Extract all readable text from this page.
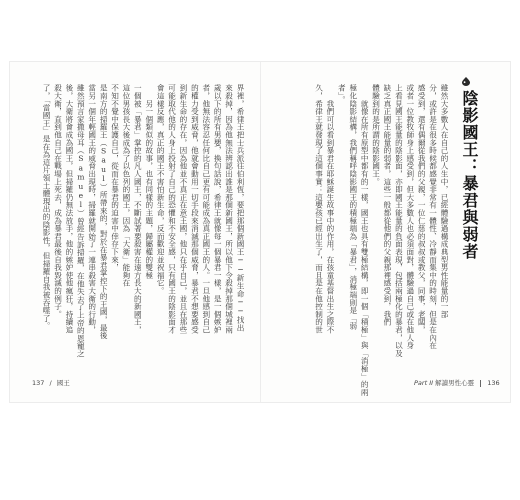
陰影國王：暴君與弱者
雖然大多數人在自己的人生中，已經體驗過構成典型男性能量的一部
分，或許是在很多時候都感覺非常有一體性、冷靜而集中的時刻，但是在內在
感受到，還有偶爾從我們的父親，一位仁慈的叔叔或教父，同事，老闆，
或者一位教牧師身上感受到，但大多數人也必須面對，體驗過自己或在他人身
上看見國王能量的陰影面，亦即國王能量的負面表現，包括兩極化的暴君，以及
缺乏真正國王能量的弱者，這些一般都從他們的父親那裡感受到，我們
體驗到的是所謂的陰影國王。
　　就像在所有原型中都有的一樣，國王也具有雙極結構，即一個「積極」與「消極」的兩
極化陰影結構，我們稱呼陰影國王的積極端為「暴君」，消極端則是「弱
者」。
　　我們可以看到暴君在耶穌誕生故事中的作用，在孩童基督出生之際不
久，希律王就發現了這個事實：這嬰孩已經出生了，而且是在他控制的世
Part II 解讀男性心靈 136
界裡，希律王把士兵派往伯利恆，要把那個新國王──新生命──找出
來殺掉，因為他無法辨認出誰是那個新國王，所以他下令殺掉那個城裡兩
歲以下的所有男嬰，換句話說，希律王就像每一個暴君一樣，是一個嫉妒
者，他無法容忍任何比自己更有可能成為真正國王的人。一旦他感到自己
的權力受到威脅，他就會動用一切手段來消滅那個威脅，暴君不想要感受
到新生命的存在，因為他並不真正在意王國，他只在乎自己，並且在那些
可能取代他的人身上投射了自己的恐懼和不安全感，只有國王的陰影面才
會這樣反應，真正的國王不害怕新生命，反而歡迎並祝福它。
　　另一個類似的故事，也有同樣的主題，歸屬權的雙極
一個被「暴君」掌控的凡人國王，不斷試著要殺害在遠方長大的新國王，
這位男孩長大後成為了以色列的國王，因為「大衛」能夠在
不知不覺中保護自己，從而在暴君的迫害中倖存下來，
是南方的掃羅王（Saul）所帶來的，對於在暴君掌控下的王國，最後
當另一個年輕國王的威脅出現時，掃羅就開始了一連串殺害大衛的行動，
雖然預言家撒母耳（Samuel）曾經告訴掃羅，在他失去了上帝的恩寵之
後，大衛將會成為國王，但掃羅仍無法放手，他的嫉妒使他瘋狂，持續追
殺大衛，直到他自己在戰場上死去，成為暴君最後自我毀滅的例子。
了，「當國王」是在為這片領土體現出的陰影性，但掃羅自我被吞噬了。
137 / 國王
